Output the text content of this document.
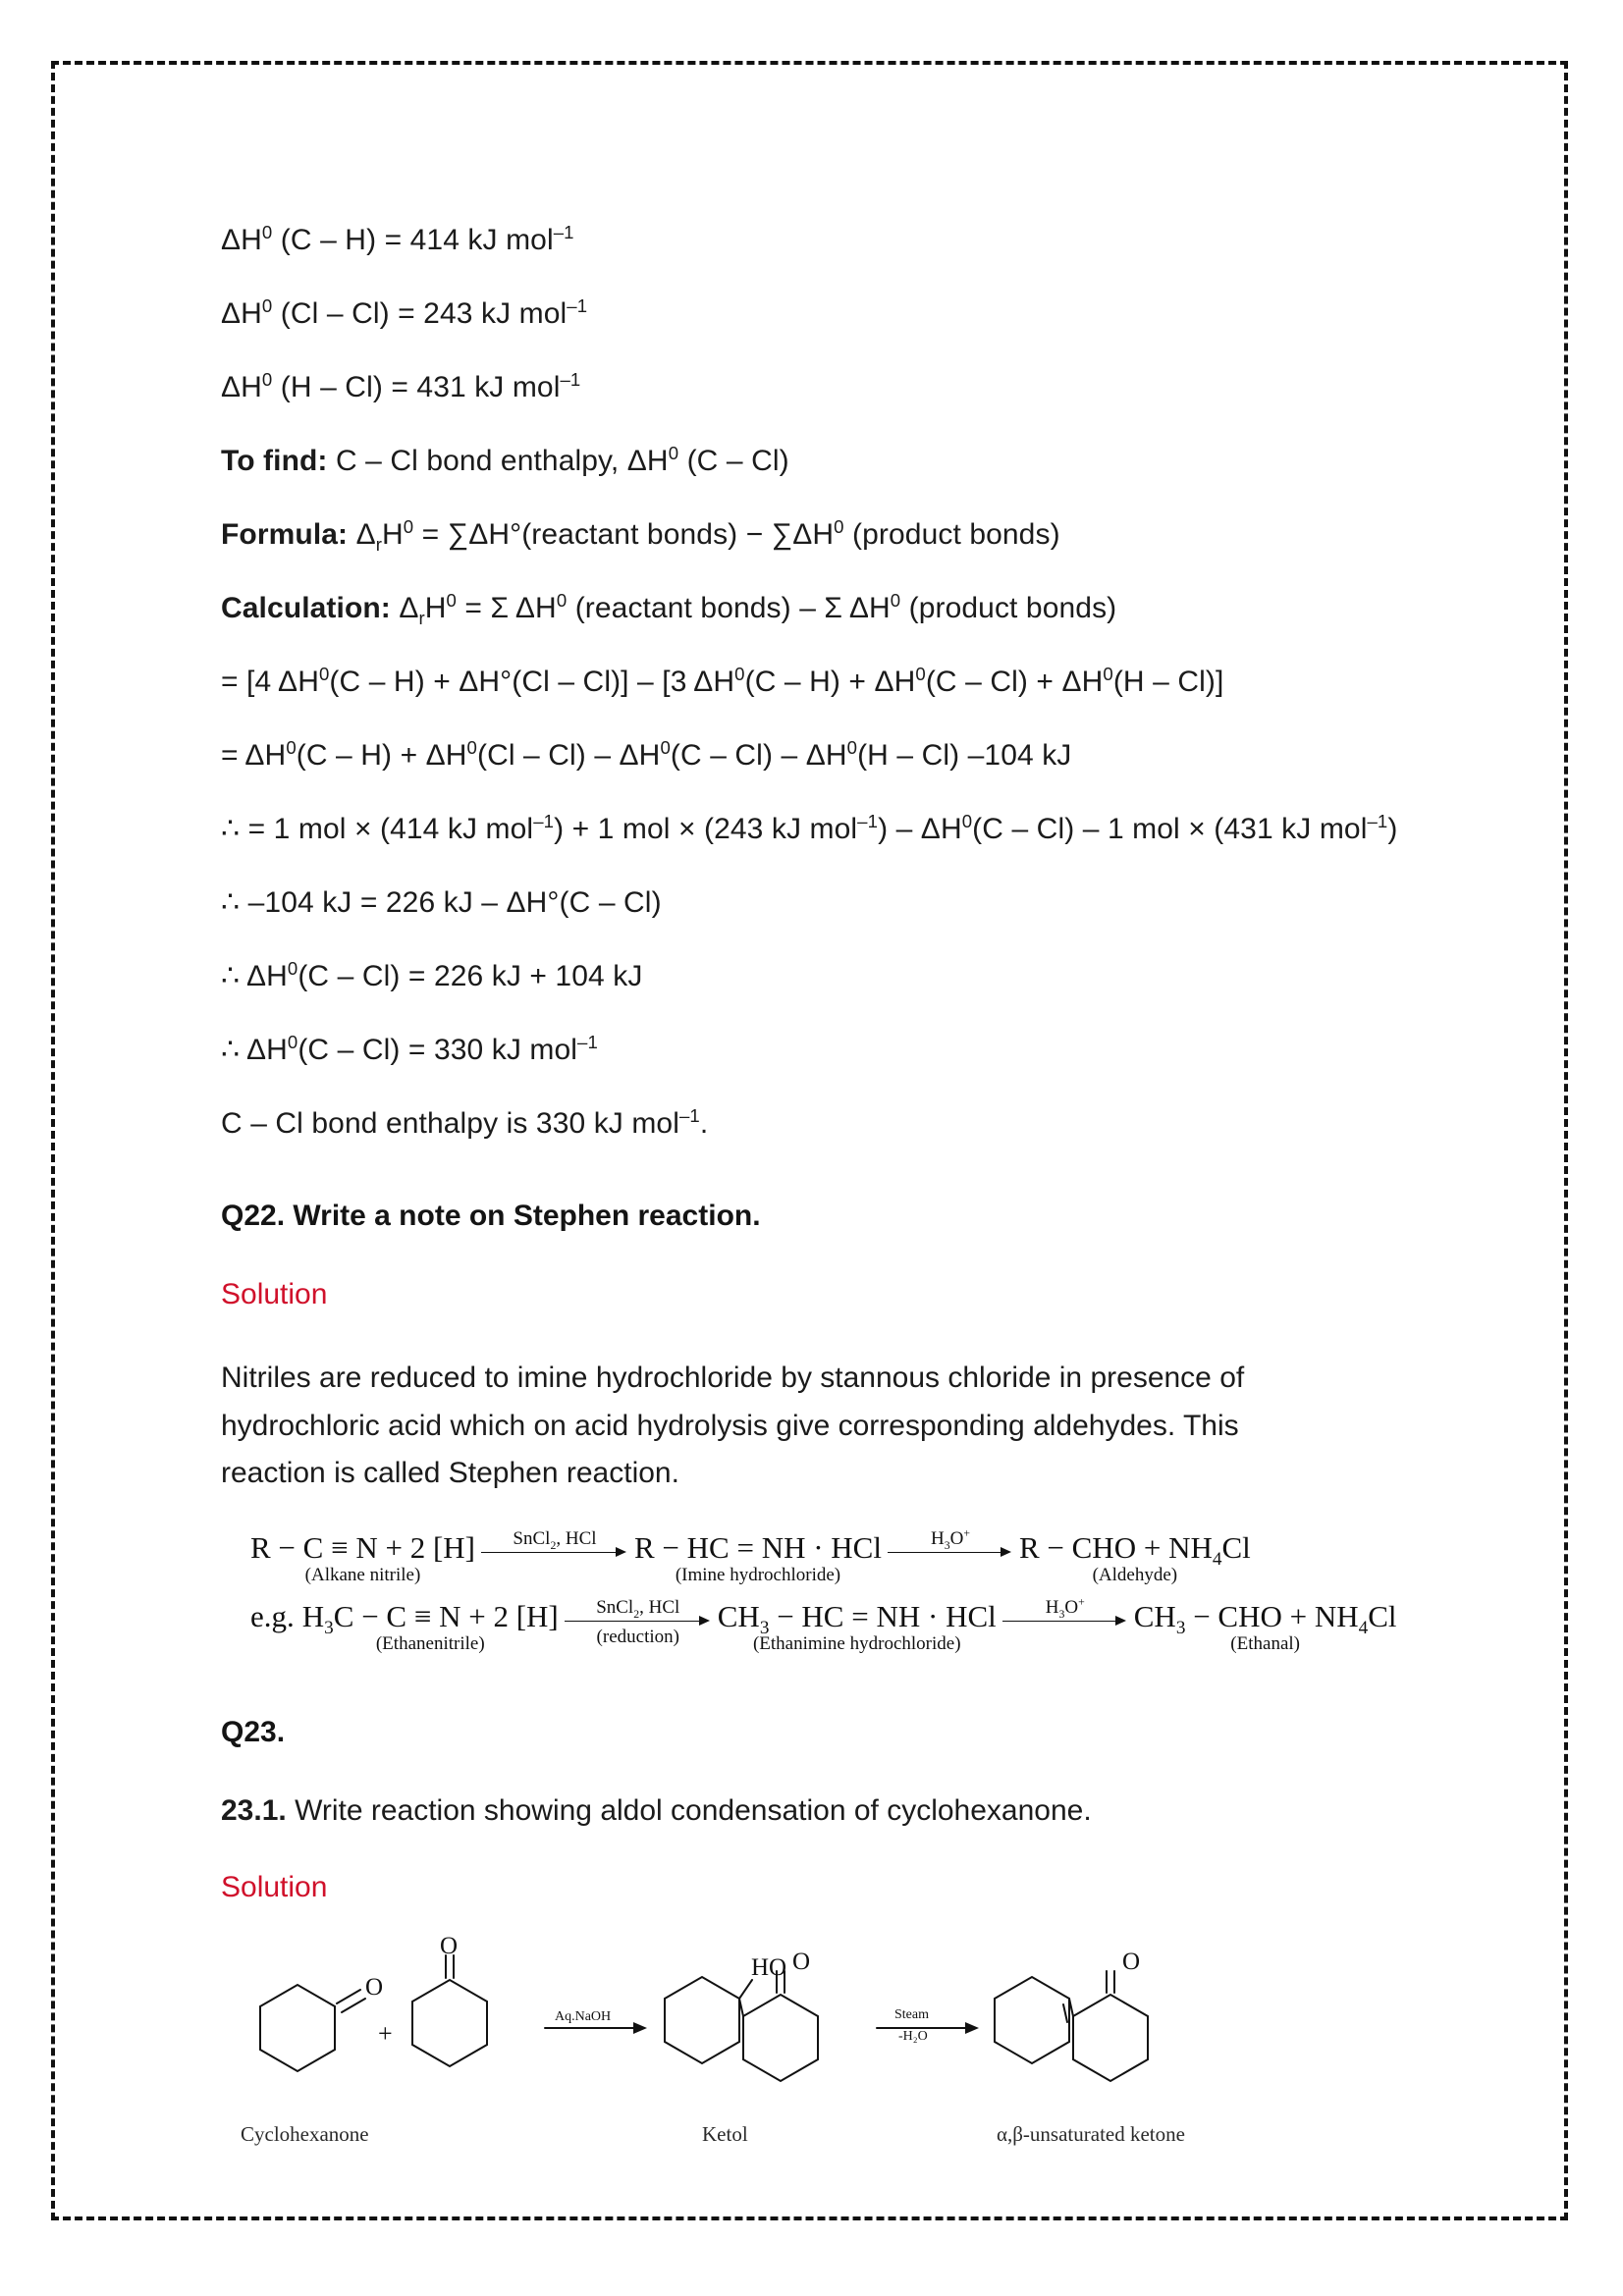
$\Delta H^0$ (C – H) = 414 kJ mol$^{-1}$
$\Delta H^0$ (Cl – Cl) = 243 kJ mol$^{-1}$
$\Delta H^0$ (H – Cl) = 431 kJ mol$^{-1}$
To find: C – Cl bond enthalpy, $\Delta H^0$ (C – Cl)
Formula: $\Delta_rH^0$ = ∑ΔH°(reactant bonds) − $\sum\Delta H^0$ (product bonds)
Calculation: $\Delta_rH^0 = \Sigma$ $\Delta H^0$ (reactant bonds) – Σ $\Delta H^0$ (product bonds)
= [4 $\Delta H^0(C - H) + \Delta H^\circ(Cl - Cl)] - [3$ $\Delta H^0(C - H) + \Delta H^0(C - Cl) + \Delta H^0(H - Cl)$]
= $\Delta H^0(C - H) + \Delta H^0(Cl - Cl) - \Delta H^0(C - Cl) - \Delta H^0(H - Cl)$ –104 kJ
∴ = 1 mol × (414 kJ mol$^{-1}$) + 1 mol × (243 kJ $mol^{-1}) - \Delta H^0(C - Cl) - 1$ mol × (431 kJ mol$^{-1}$)
∴ –104 kJ = 226 kJ – ΔH°(C – Cl)
∴ $\Delta H^0(C - Cl) = 226$ kJ + 104 kJ
∴ $\Delta H^0(C - Cl) = 330$ kJ mol$^{-1}$
C – Cl bond enthalpy is 330 kJ mol$^{-1}$.
Q22. Write a note on Stephen reaction.
Solution
Nitriles are reduced to imine hydrochloride by stannous chloride in presence of hydrochloric acid which on acid hydrolysis give corresponding aldehydes. This reaction is called Stephen reaction.
R − C ≡ N + 2 [H]
(Alkane nitrile)
SnCl$_2$, HCl R − HC = NH · HCl
(Imine hydrochloride)
$H_3O^+$ R − CHO + $NH_4Cl$
(Aldehyde)
e.g. $H_3C - C \equiv N + 2$ [H]
(Ethanenitrile)
SnCl$_2$, HCl
(reduction)
$CH_3$ − HC = NH · HCl
(Ethanimine hydrochloride)
$H_3O^+$ $CH_3$ − CHO + $NH_4Cl$
(Ethanal)
Q23.
23.1. Write reaction showing aldol condensation of cyclohexanone.
Solution
O
O
HO O	O
+
Aq.NaOH	Steam
-H₂O
Cyclohexanone	Ketol	α,β-unsaturated ketone
